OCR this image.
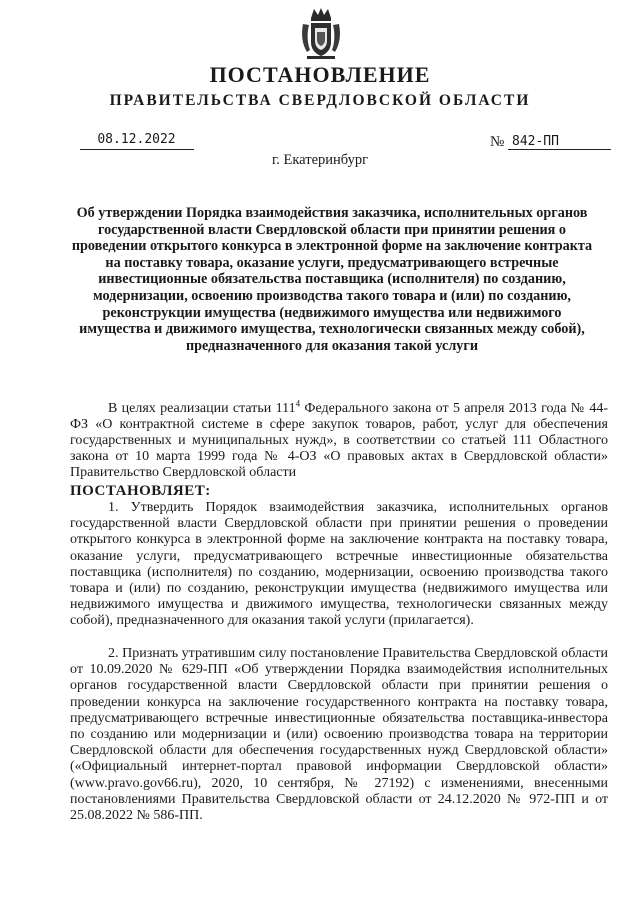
ПОСТАНОВЛЕНИЕ
ПРАВИТЕЛЬСТВА СВЕРДЛОВСКОЙ ОБЛАСТИ
08.12.2022	№ 842-ПП
г. Екатеринбург
Об утверждении Порядка взаимодействия заказчика, исполнительных органов государственной власти Свердловской области при принятии решения о проведении открытого конкурса в электронной форме на заключение контракта на поставку товара, оказание услуги, предусматривающего встречные инвестиционные обязательства поставщика (исполнителя) по созданию, модернизации, освоению производства такого товара и (или) по созданию, реконструкции имущества (недвижимого имущества или недвижимого имущества и движимого имущества, технологически связанных между собой), предназначенного для оказания такой услуги
В целях реализации статьи $111^4$ Федерального закона от 5 апреля 2013 года № 44-ФЗ «О контрактной системе в сфере закупок товаров, работ, услуг для обеспечения государственных и муниципальных нужд», в соответствии со статьей 111 Областного закона от 10 марта 1999 года № 4-ОЗ «О правовых актах в Свердловской области» Правительство Свердловской области
ПОСТАНОВЛЯЕТ:
1. Утвердить Порядок взаимодействия заказчика, исполнительных органов государственной власти Свердловской области при принятии решения о проведении открытого конкурса в электронной форме на заключение контракта на поставку товара, оказание услуги, предусматривающего встречные инвестиционные обязательства поставщика (исполнителя) по созданию, модернизации, освоению производства такого товара и (или) по созданию, реконструкции имущества (недвижимого имущества или недвижимого имущества и движимого имущества, технологически связанных между собой), предназначенного для оказания такой услуги (прилагается).
2. Признать утратившим силу постановление Правительства Свердловской области от 10.09.2020 № 629-ПП «Об утверждении Порядка взаимодействия исполнительных органов государственной власти Свердловской области при принятии решения о проведении конкурса на заключение государственного контракта на поставку товара, предусматривающего встречные инвестиционные обязательства поставщика-инвестора по созданию или модернизации и (или) освоению производства товара на территории Свердловской области для обеспечения государственных нужд Свердловской области» («Официальный интернет-портал правовой информации Свердловской области» (www.pravo.gov66.ru), 2020, 10 сентября, № 27192) с изменениями, внесенными постановлениями Правительства Свердловской области от 24.12.2020 № 972-ПП и от 25.08.2022 № 586-ПП.
